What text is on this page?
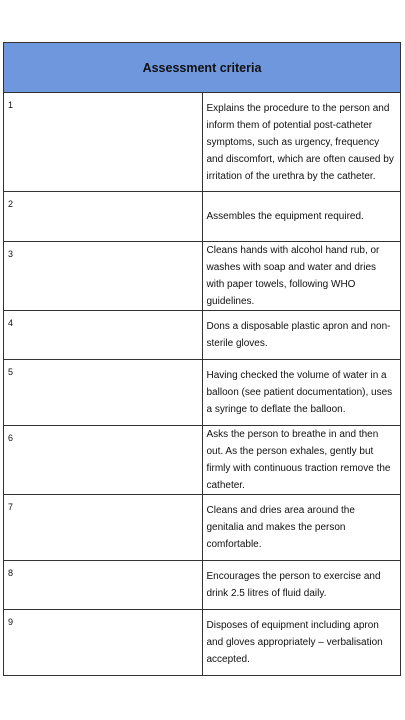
Assessment criteria	
1	Explains the procedure to the person and inform them of potential post-catheter symptoms, such as urgency, frequency and discomfort, which are often caused by irritation of the urethra by the catheter.
2	Assembles the equipment required.
3	Cleans hands with alcohol hand rub, or washes with soap and water and dries with paper towels, following WHO guidelines.
4	Dons a disposable plastic apron and non-sterile gloves.
5	Having checked the volume of water in a balloon (see patient documentation), uses a syringe to deflate the balloon.
6	Asks the person to breathe in and then out. As the person exhales, gently but firmly with continuous traction remove the catheter.
7	Cleans and dries area around the genitalia and makes the person comfortable.
8	Encourages the person to exercise and drink 2.5 litres of fluid daily.
9	Disposes of equipment including apron and gloves appropriately – verbalisation accepted.
